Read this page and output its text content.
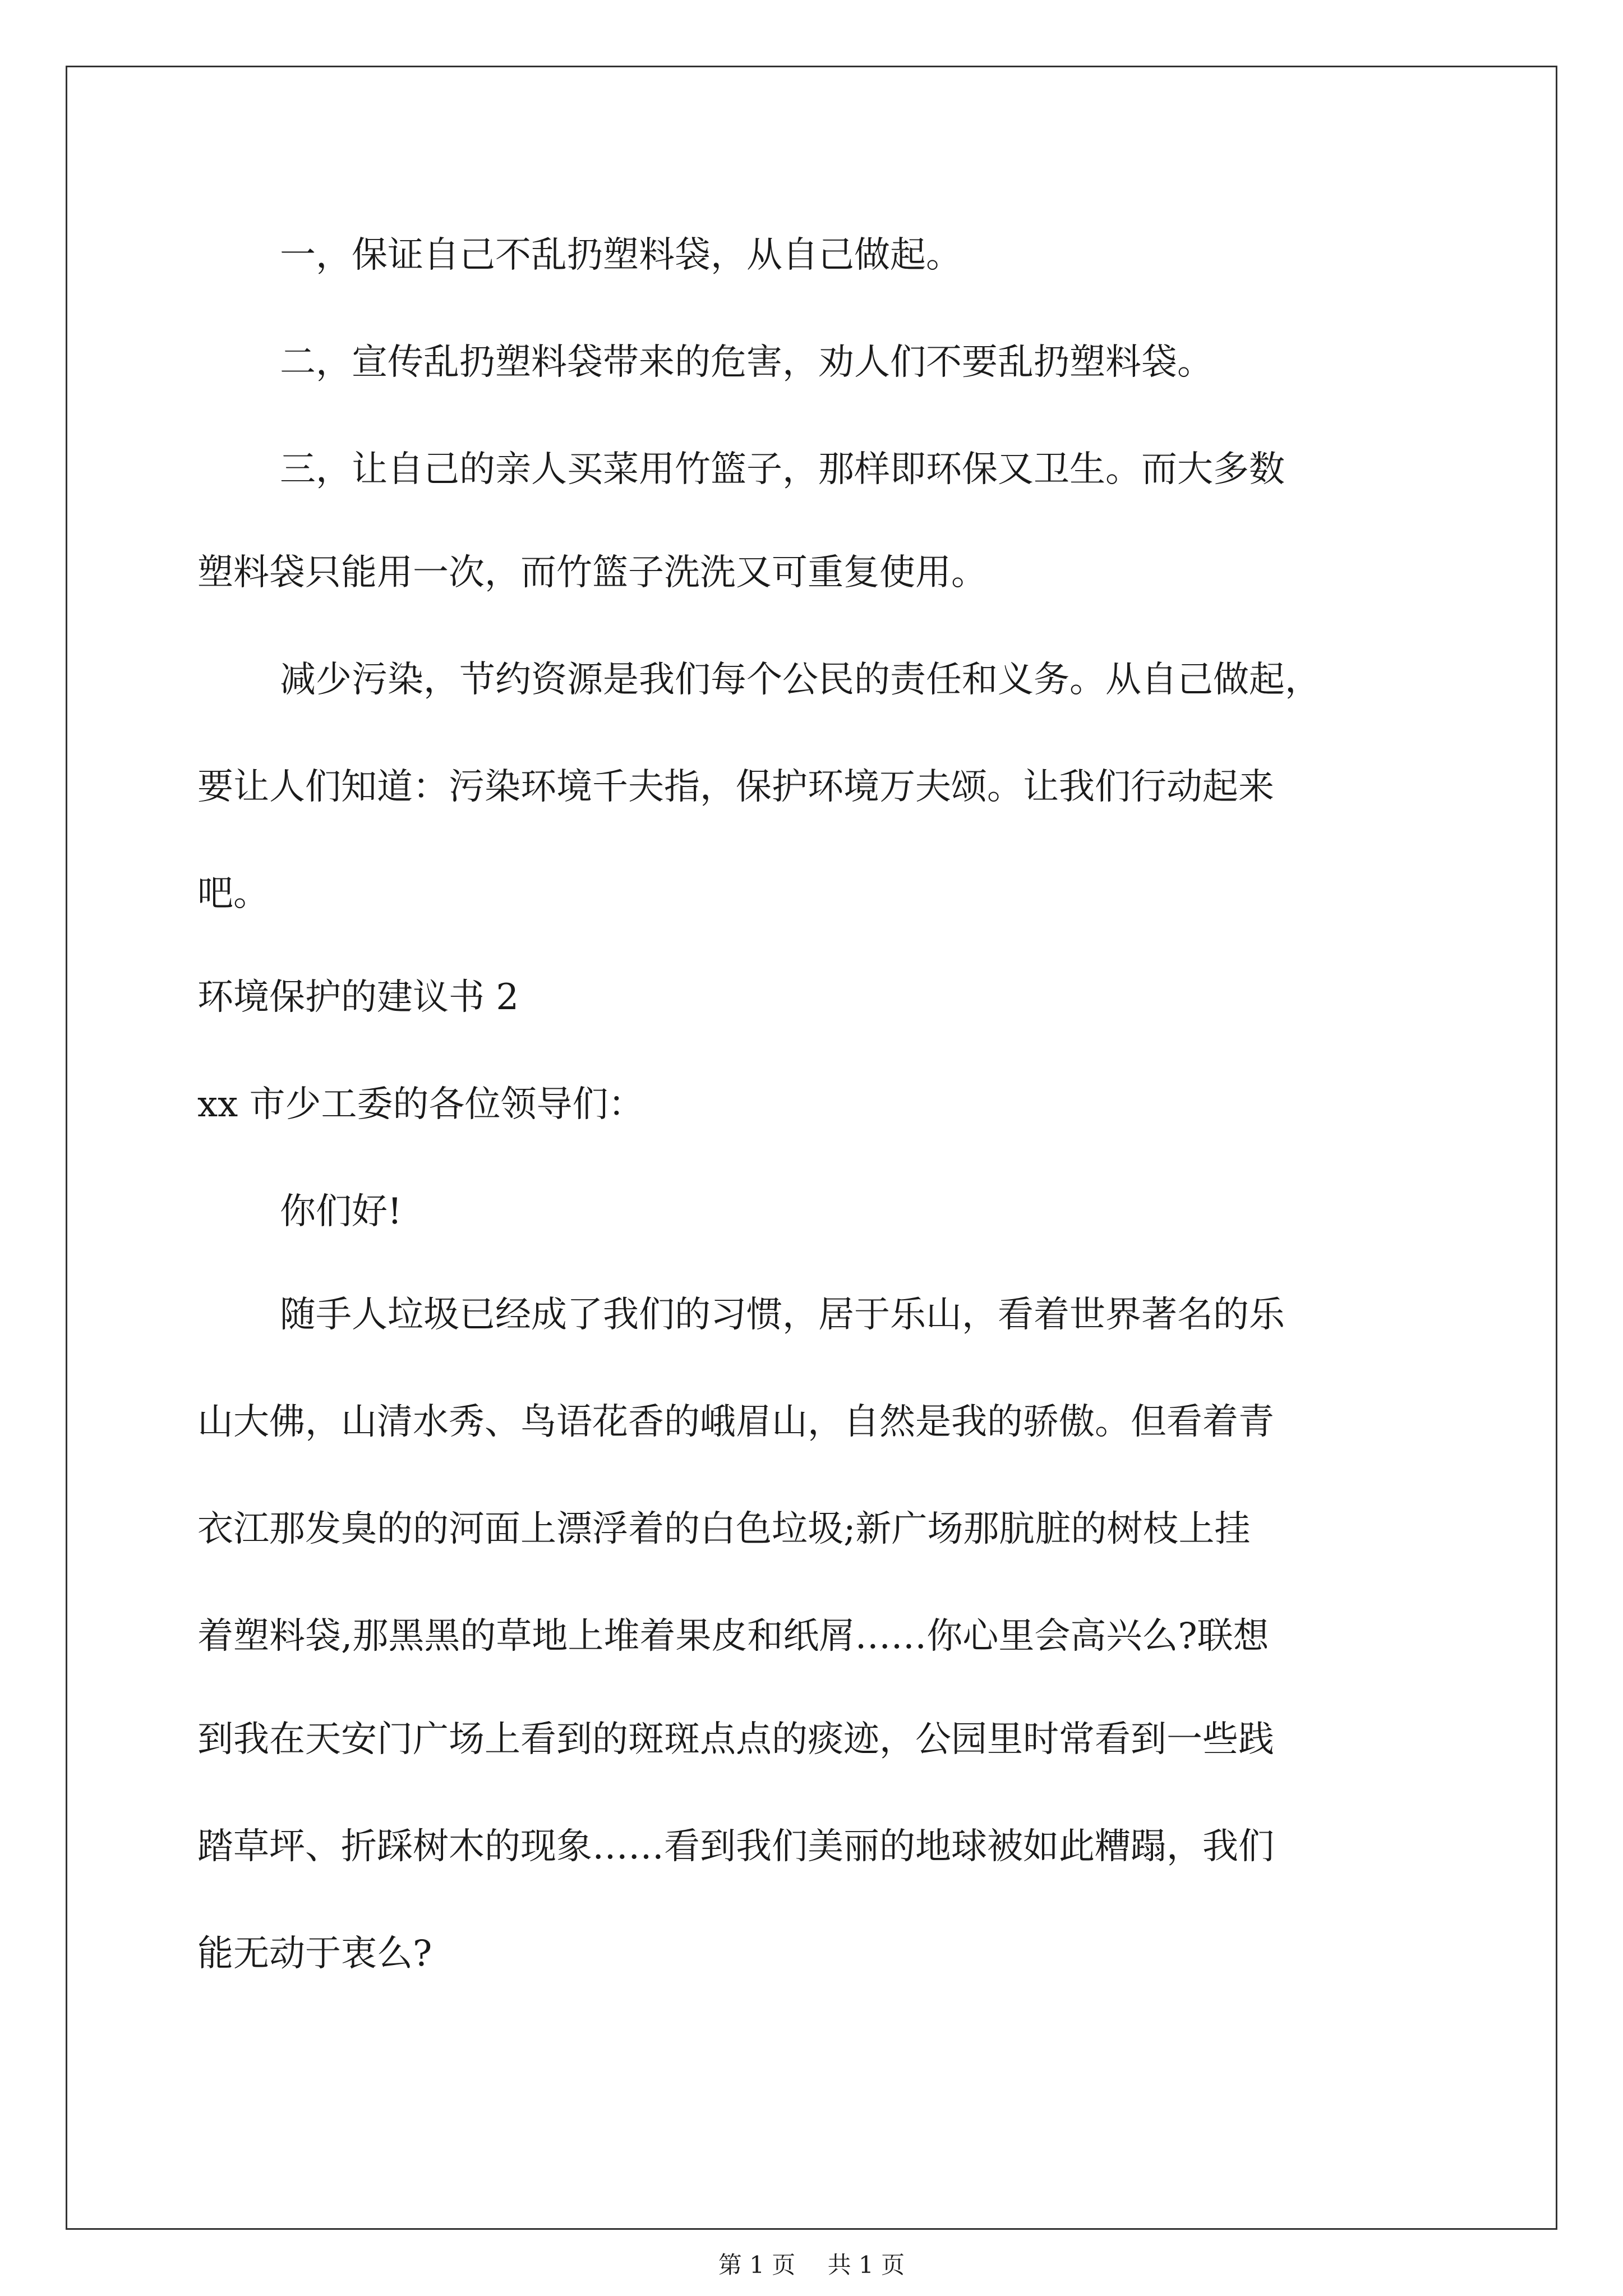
一，保证自己不乱扔塑料袋，从自己做起。
二，宣传乱扔塑料袋带来的危害，劝人们不要乱扔塑料袋。
三，让自己的亲人买菜用竹篮子，那样即环保又卫生。而大多数
塑料袋只能用一次，而竹篮子洗洗又可重复使用。
减少污染，节约资源是我们每个公民的责任和义务。从自己做起，
要让人们知道：污染环境千夫指，保护环境万夫颂。让我们行动起来
吧。
环境保护的建议书 2
xx 市少工委的各位领导们：
你们好!
随手人垃圾已经成了我们的习惯，居于乐山，看着世界著名的乐
山大佛，山清水秀、鸟语花香的峨眉山，自然是我的骄傲。但看着青
衣江那发臭的的河面上漂浮着的白色垃圾;新广场那肮脏的树枝上挂
着塑料袋,那黑黑的草地上堆着果皮和纸屑……你心里会高兴么?联想
到我在天安门广场上看到的斑斑点点的痰迹，公园里时常看到一些践
踏草坪、折踩树木的现象……看到我们美丽的地球被如此糟蹋，我们
能无动于衷么?
第 1 页 共 1 页
